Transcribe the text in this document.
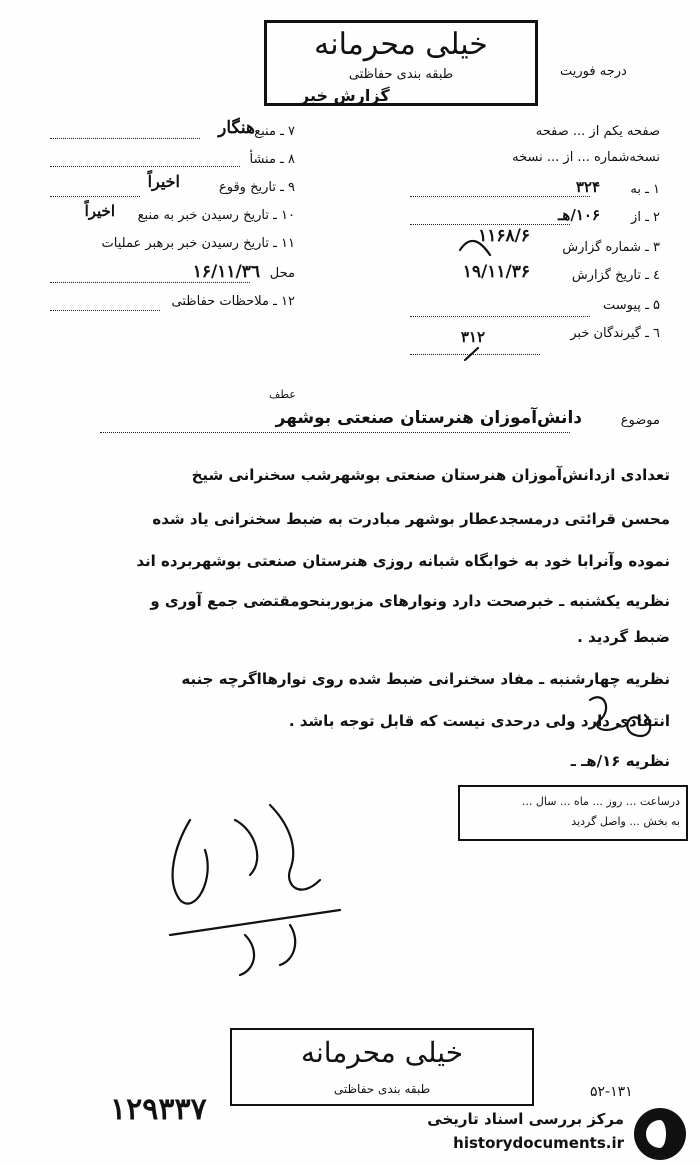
خیلی محرمانه
طبقه بندی حفاظتی
گزارش خبر
درجه فوریت
صفحه یکم از ... صفحه
نسخه‌شماره ... از ... نسخه
۱ ـ به
۳۲۴
۲ ـ از
۱۰۶/هـ
۳ ـ شماره گزارش
۱۱۶۸/۶
٤ ـ تاریخ گزارش
۱۹/۱۱/۳۶
۵ ـ پیوست
٦ ـ گیرندگان خبر
۳۱۲
۷ ـ منبع
هنگار
۸ ـ منشأ
۹ ـ تاریخ وقوع
اخیراً
۱۰ ـ تاریخ رسیدن خبر به منبع
اخیراً
۱۱ ـ تاریخ رسیدن خبر برهبر عملیات
محل
۱۶/۱۱/۳٦
۱۲ ـ ملاحظات حفاظتی
موضوع
دانش‌آموزان هنرستان صنعتی بوشهر
عطف
تعدادی ازدانش‌آموزان هنرستان صنعتی بوشهرشب سخنرانی شیخ
محسن قرائتی درمسجدعطار بوشهر مبادرت به ضبط سخنرانی یاد شده
نموده وآنرابا خود به خوابگاه شبانه روزی هنرستان صنعتی بوشهربرده اند
نظریه یکشنبه ـ خبرصحت دارد ونوارهای مزبوربنحومقتضی جمع آوری و
ضبط گردید .
نظریه چهارشنبه ـ مفاد سخنرانی ضبط شده روی نوارهااگرچه جنبه
انتقادی دارد ولی درحدی نیست که قابل توجه باشد .
نظریه ۱۶/هـ ـ
درساعت ... روز ... ماه ... سال ...
به بخش ... واصل گردید
خیلی محرمانه
طبقه بندی حفاظتی	۵۲-۱۳۱
۱۲۹۳۳۷	مرکز بررسی اسناد تاریخی
historydocuments.ir
